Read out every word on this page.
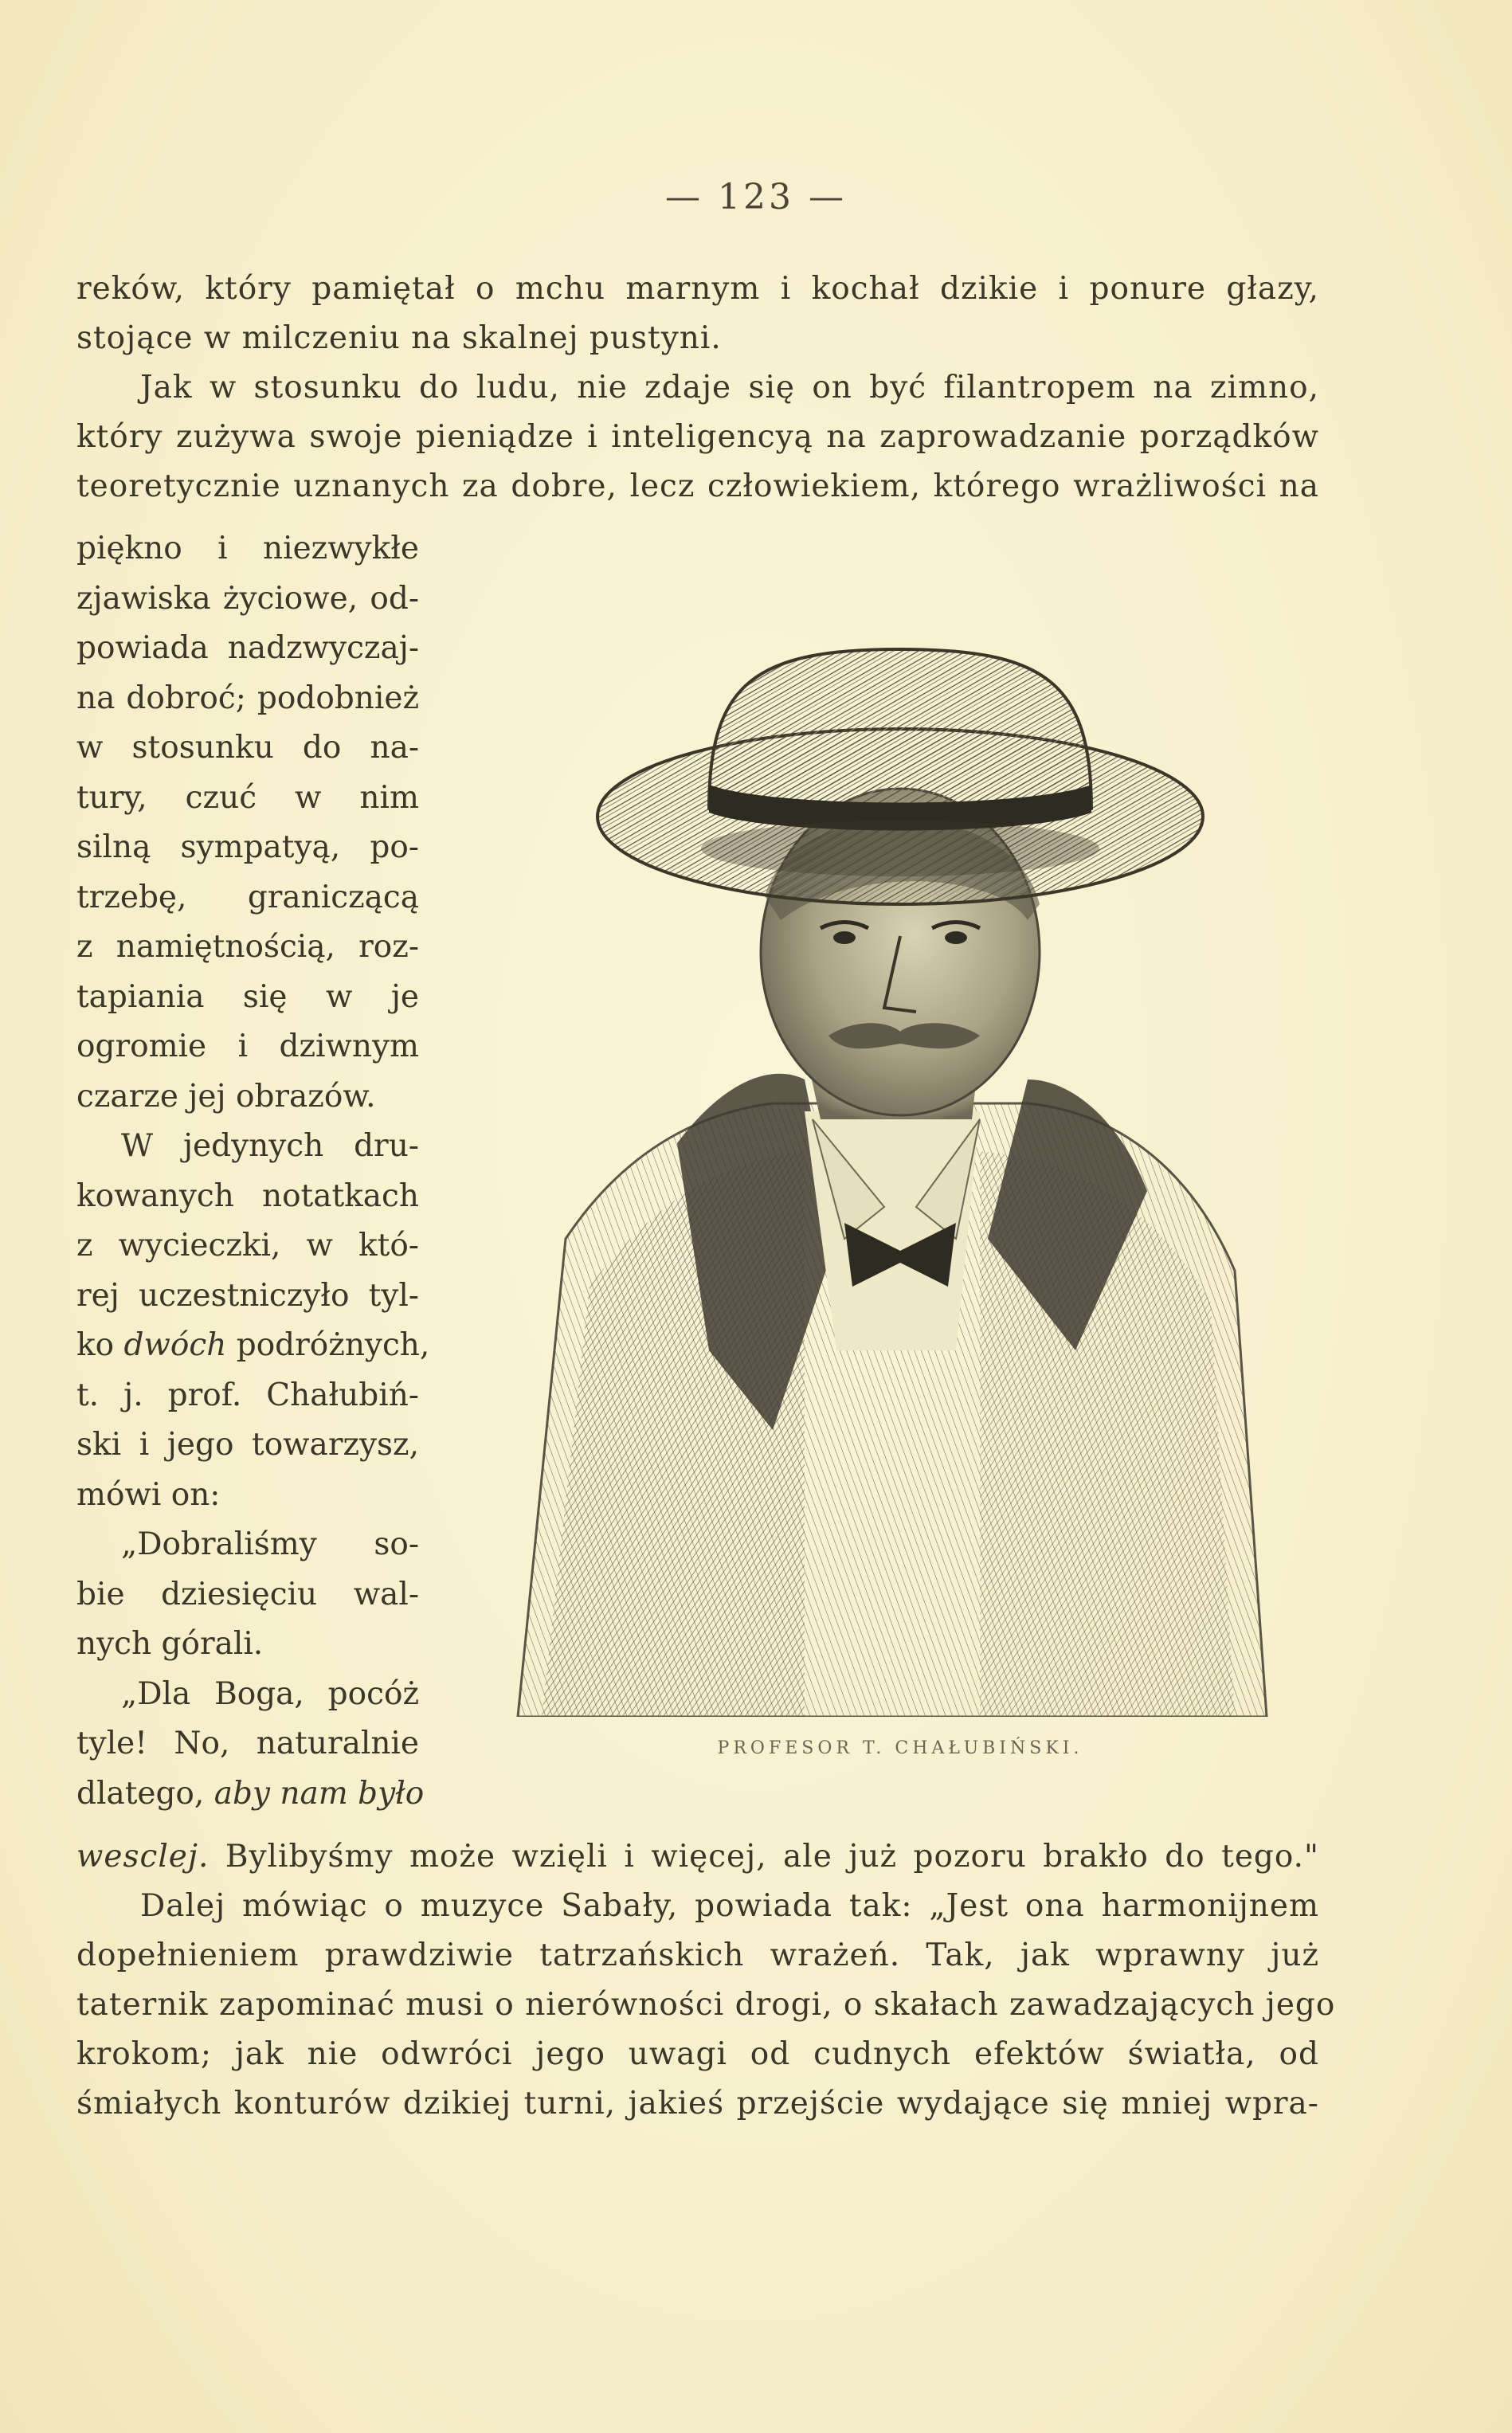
— 123 —
reków, który pamiętał o mchu marnym i kochał dzikie i ponure głazy,
stojące w milczeniu na skalnej pustyni.
Jak w stosunku do ludu, nie zdaje się on być filantropem na zimno,
który zużywa swoje pieniądze i inteligencyą na zaprowadzanie porządków
teoretycznie uznanych za dobre, lecz człowiekiem, którego wrażliwości na
piękno i niezwykłe
zjawiska życiowe, od-
powiada nadzwyczaj-
na dobroć; podobnież
w stosunku do na-
tury, czuć w nim
silną sympatyą, po-
trzebę, graniczącą
z namiętnością, roz-
tapiania się w je
ogromie i dziwnym
czarze jej obrazów.
W jedynych dru-
kowanych notatkach
z wycieczki, w któ-
rej uczestniczyło tyl-
ko dwóch podróżnych,
t. j. prof. Chałubiń-
ski i jego towarzysz,
mówi on:
„Dobraliśmy so-
bie dziesięciu wal-
nych górali.
„Dla Boga, pocóż
tyle! No, naturalnie
dlatego, aby nam było
PROFESOR T. CHAŁUBIŃSKI.
wesclej. Bylibyśmy może wzięli i więcej, ale już pozoru brakło do tego."
Dalej mówiąc o muzyce Sabały, powiada tak: „Jest ona harmonijnem
dopełnieniem prawdziwie tatrzańskich wrażeń. Tak, jak wprawny już
taternik zapominać musi o nierówności drogi, o skałach zawadzających jego
krokom; jak nie odwróci jego uwagi od cudnych efektów światła, od
śmiałych konturów dzikiej turni, jakieś przejście wydające się mniej wpra-
